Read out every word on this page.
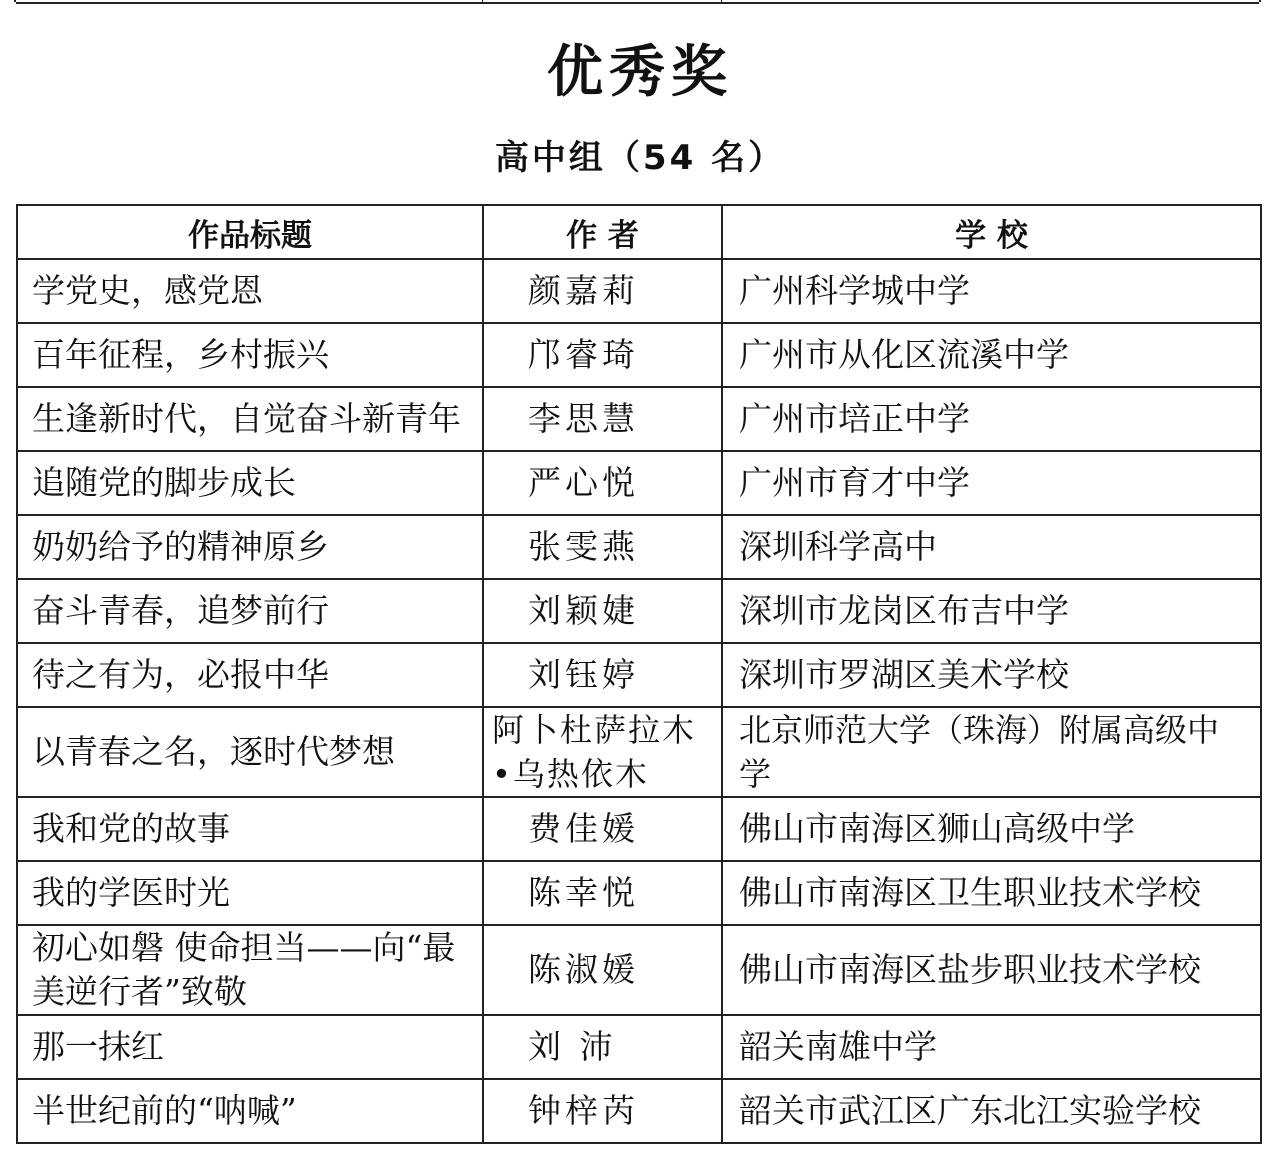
优秀奖
高中组（54 名）
作品标题	作 者	学 校
学党史，感党恩	颜嘉莉	广州科学城中学
百年征程，乡村振兴	邝睿琦	广州市从化区流溪中学
生逢新时代，自觉奋斗新青年	李思慧	广州市培正中学
追随党的脚步成长	严心悦	广州市育才中学
奶奶给予的精神原乡	张雯燕	深圳科学高中
奋斗青春，追梦前行	刘颖婕	深圳市龙岗区布吉中学
待之有为，必报中华	刘钰婷	深圳市罗湖区美术学校
以青春之名，逐时代梦想	阿卜杜萨拉木•乌热依木	北京师范大学（珠海）附属高级中学
我和党的故事	费佳媛	佛山市南海区狮山高级中学
我的学医时光	陈幸悦	佛山市南海区卫生职业技术学校
初心如磐 使命担当——向“最美逆行者”致敬	陈淑媛	佛山市南海区盐步职业技术学校
那一抹红	刘 沛	韶关南雄中学
半世纪前的“呐喊”	钟梓芮	韶关市武江区广东北江实验学校
